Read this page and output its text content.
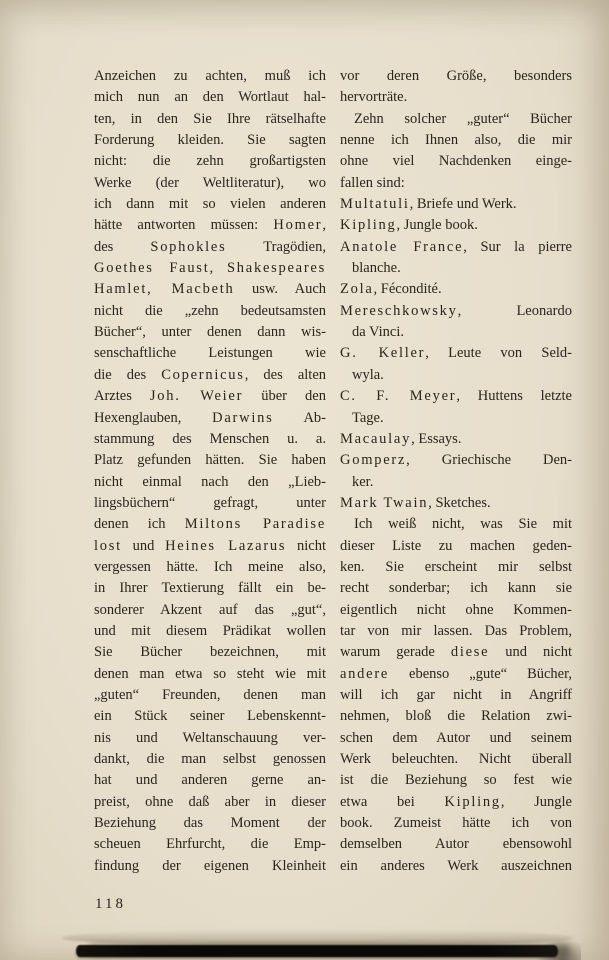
Anzeichen zu achten, muß ich
mich nun an den Wortlaut hal-
ten, in den Sie Ihre rätselhafte
Forderung kleiden. Sie sagten
nicht: die zehn großartigsten
Werke (der Weltliteratur), wo
ich dann mit so vielen anderen
hätte antworten müssen: Homer,
des Sophokles Tragödien,
Goethes Faust, Shakespeares
Hamlet, Macbeth usw. Auch
nicht die „zehn bedeutsamsten
Bücher“, unter denen dann wis-
senschaftliche Leistungen wie
die des Copernicus, des alten
Arztes Joh. Weier über den
Hexenglauben, Darwins Ab-
stammung des Menschen u. a.
Platz gefunden hätten. Sie haben
nicht einmal nach den „Lieb-
lingsbüchern“ gefragt, unter
denen ich Miltons Paradise
lost und Heines Lazarus nicht
vergessen hätte. Ich meine also,
in Ihrer Textierung fällt ein be-
sonderer Akzent auf das „gut“,
und mit diesem Prädikat wollen
Sie Bücher bezeichnen, mit
denen man etwa so steht wie mit
„guten“ Freunden, denen man
ein Stück seiner Lebenskennt-
nis und Weltanschauung ver-
dankt, die man selbst genossen
hat und anderen gerne an-
preist, ohne daß aber in dieser
Beziehung das Moment der
scheuen Ehrfurcht, die Emp-
findung der eigenen Kleinheit
vor deren Größe, besonders
hervorträte.
Zehn solcher „guter“ Bücher
nenne ich Ihnen also, die mir
ohne viel Nachdenken einge-
fallen sind:
Multatuli, Briefe und Werk.
Kipling, Jungle book.
Anatole France, Sur la pierre
blanche.
Zola, Fécondité.
Mereschkowsky, Leonardo
da Vinci.
G. Keller, Leute von Seld-
wyla.
C. F. Meyer, Huttens letzte
Tage.
Macaulay, Essays.
Gomperz, Griechische Den-
ker.
Mark Twain, Sketches.
Ich weiß nicht, was Sie mit
dieser Liste zu machen geden-
ken. Sie erscheint mir selbst
recht sonderbar; ich kann sie
eigentlich nicht ohne Kommen-
tar von mir lassen. Das Problem,
warum gerade diese und nicht
andere ebenso „gute“ Bücher,
will ich gar nicht in Angriff
nehmen, bloß die Relation zwi-
schen dem Autor und seinem
Werk beleuchten. Nicht überall
ist die Beziehung so fest wie
etwa bei Kipling, Jungle
book. Zumeist hätte ich von
demselben Autor ebensowohl
ein anderes Werk auszeichnen
118
